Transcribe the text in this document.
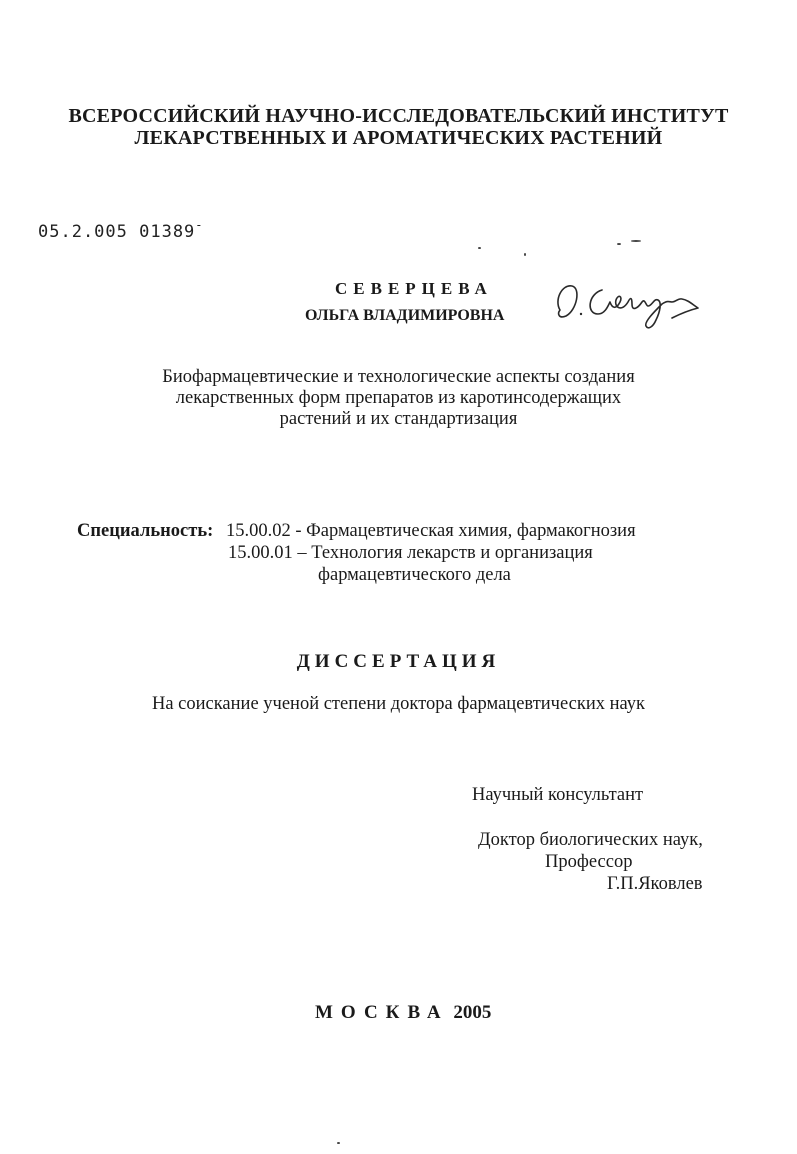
ВСЕРОССИЙСКИЙ НАУЧНО-ИССЛЕДОВАТЕЛЬСКИЙ ИНСТИТУТ
ЛЕКАРСТВЕННЫХ И АРОМАТИЧЕСКИХ РАСТЕНИЙ
05.2.005 01389-
СЕВЕРЦЕВА
ОЛЬГА ВЛАДИМИРОВНА
Биофармацевтические и технологические аспекты создания
лекарственных форм препаратов из каротинсодержащих
растений и их стандартизация
Специальность: 15.00.02 - Фармацевтическая химия, фармакогнозия
15.00.01 – Технология лекарств и организация
фармацевтического дела
ДИССЕРТАЦИЯ
На соискание ученой степени доктора фармацевтических наук
Научный консультант
Доктор биологических наук,
Профессор
Г.П.Яковлев
МОСКВА 2005
